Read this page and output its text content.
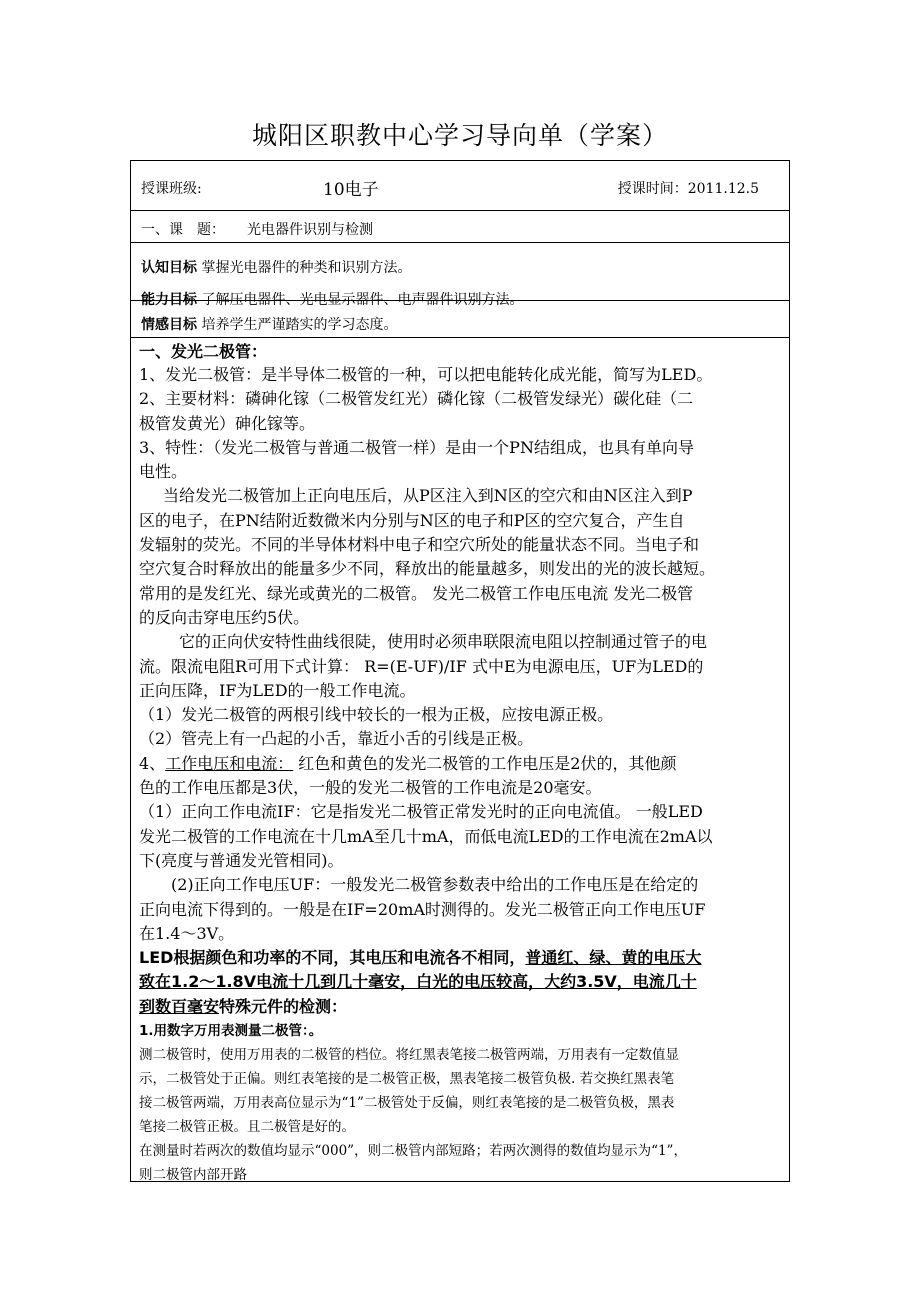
城阳区职教中心学习导向单（学案）
授课班级:	10电子	授课时间：2011.12.5
一、课　题： 光电器件识别与检测
认知目标 掌握光电器件的种类和识别方法。
能力目标 了解压电器件、光电显示器件、电声器件识别方法。
情感目标 培养学生严谨踏实的学习态度。

一、发光二极管：

1、发光二极管：是半导体二极管的一种，可以把电能转化成光能，简写为LED。

2、主要材料：磷砷化镓（二极管发红光）磷化镓（二极管发绿光）碳化硅（二

极管发黄光）砷化镓等。

3、特性：（发光二极管与普通二极管一样）是由一个PN结组成，也具有单向导

电性。

当给发光二极管加上正向电压后，从P区注入到N区的空穴和由N区注入到P

区的电子，在PN结附近数微米内分别与N区的电子和P区的空穴复合，产生自

发辐射的荧光。不同的半导体材料中电子和空穴所处的能量状态不同。当电子和

空穴复合时释放出的能量多少不同，释放出的能量越多，则发出的光的波长越短。

常用的是发红光、绿光或黄光的二极管。 发光二极管工作电压电流 发光二极管

的反向击穿电压约5伏。

它的正向伏安特性曲线很陡，使用时必须串联限流电阻以控制通过管子的电

流。限流电阻R可用下式计算： R=(E-UF)/IF 式中E为电源电压，UF为LED的

正向压降，IF为LED的一般工作电流。

（1）发光二极管的两根引线中较长的一根为正极，应按电源正极。

（2）管壳上有一凸起的小舌，靠近小舌的引线是正极。

4、工作电压和电流： 红色和黄色的发光二极管的工作电压是2伏的，其他颜

色的工作电压都是3伏，一般的发光二极管的工作电流是20毫安。

（1）正向工作电流IF：它是指发光二极管正常发光时的正向电流值。 一般LED

发光二极管的工作电流在十几mA至几十mA，而低电流LED的工作电流在2mA以

下(亮度与普通发光管相同)。

(2)正向工作电压UF：一般发光二极管参数表中给出的工作电压是在给定的

正向电流下得到的。一般是在IF=20mA时测得的。发光二极管正向工作电压UF

在1.4～3V。

LED根据颜色和功率的不同，其电压和电流各不相同，普通红、绿、黄的电压大

致在1.2～1.8V电流十几到几十毫安，白光的电压较高，大约3.5V，电流几十

到数百毫安特殊元件的检测：

1.用数字万用表测量二极管：。

测二极管时，使用万用表的二极管的档位。将红黑表笔接二极管两端，万用表有一定数值显

示，二极管处于正偏。则红表笔接的是二极管正极，黑表笔接二极管负极. 若交换红黑表笔

接二极管两端，万用表高位显示为“1”二极管处于反偏，则红表笔接的是二极管负极，黑表

笔接二极管正极。且二极管是好的。

在测量时若两次的数值均显示“000”，则二极管内部短路；若两次测得的数值均显示为“1”，

则二极管内部开路
